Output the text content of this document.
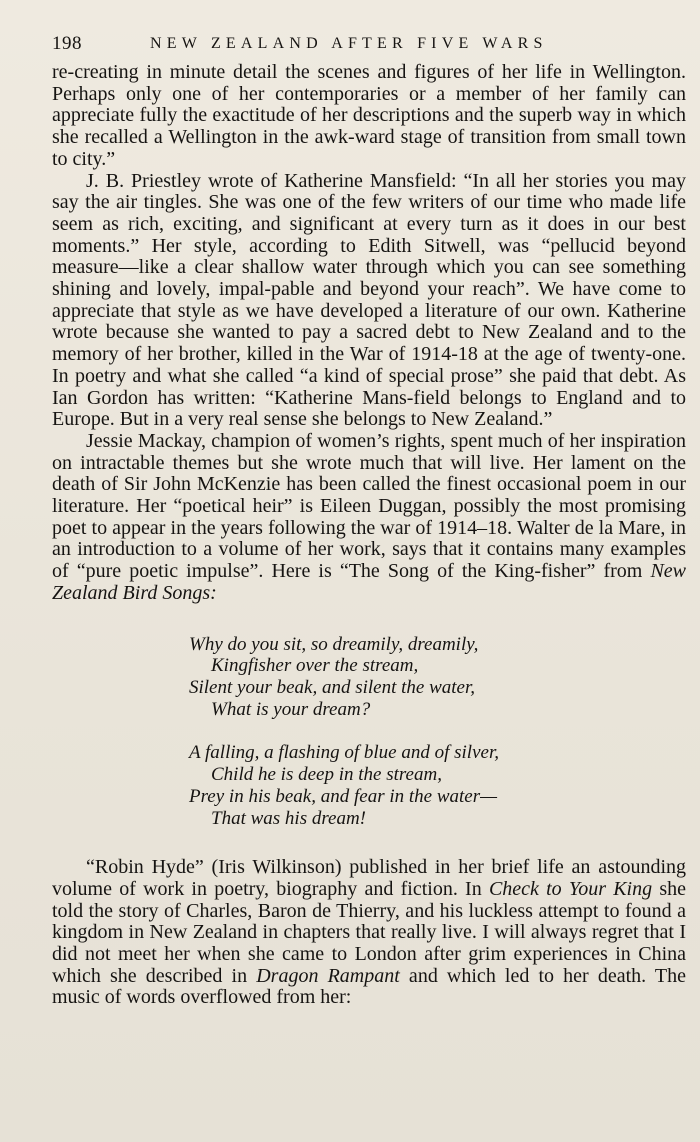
198	NEW ZEALAND AFTER FIVE WARS

re-creating in minute detail the scenes and figures of her life in Wellington. Perhaps only one of her contemporaries or a member of her family can appreciate fully the exactitude of her descriptions and the superb way in which she recalled a Wellington in the awk-ward stage of transition from small town to city.”

J. B. Priestley wrote of Katherine Mansfield: “In all her stories you may say the air tingles. She was one of the few writers of our time who made life seem as rich, exciting, and significant at every turn as it does in our best moments.” Her style, according to Edith Sitwell, was “pellucid beyond measure—like a clear shallow water through which you can see something shining and lovely, impal-pable and beyond your reach”. We have come to appreciate that style as we have developed a literature of our own. Katherine wrote because she wanted to pay a sacred debt to New Zealand and to the memory of her brother, killed in the War of 1914-18 at the age of twenty-one. In poetry and what she called “a kind of special prose” she paid that debt. As Ian Gordon has written: “Katherine Mans-field belongs to England and to Europe. But in a very real sense she belongs to New Zealand.”

Jessie Mackay, champion of women’s rights, spent much of her inspiration on intractable themes but she wrote much that will live. Her lament on the death of Sir John McKenzie has been called the finest occasional poem in our literature. Her “poetical heir” is Eileen Duggan, possibly the most promising poet to appear in the years following the war of 1914–18. Walter de la Mare, in an introduction to a volume of her work, says that it contains many examples of “pure poetic impulse”. Here is “The Song of the King-fisher” from New Zealand Bird Songs:

Why do you sit, so dreamily, dreamily,
Kingfisher over the stream,
Silent your beak, and silent the water,
What is your dream?
A falling, a flashing of blue and of silver,
Child he is deep in the stream,
Prey in his beak, and fear in the water—
That was his dream!

“Robin Hyde” (Iris Wilkinson) published in her brief life an astounding volume of work in poetry, biography and fiction. In Check to Your King she told the story of Charles, Baron de Thierry, and his luckless attempt to found a kingdom in New Zealand in chapters that really live. I will always regret that I did not meet her when she came to London after grim experiences in China which she described in Dragon Rampant and which led to her death. The music of words overflowed from her:
